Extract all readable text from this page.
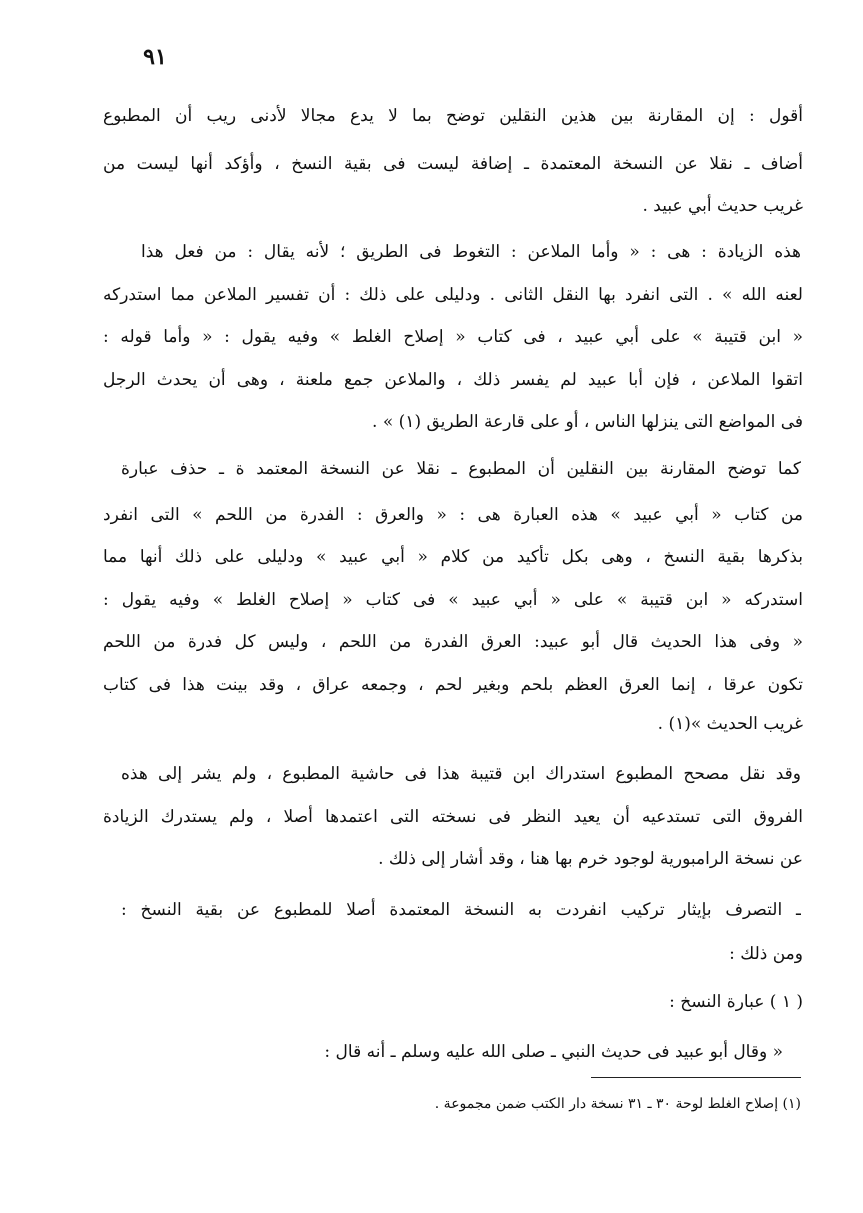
٩١
أقول : إن المقارنة بين هذين النقلين توضح بما لا يدع مجالا لأدنى ريب أن المطبوع
أضاف ـ نقلا عن النسخة المعتمدة ـ إضافة ليست فى بقية النسخ ، وأؤكد أنها ليست من
غريب حديث أبي عبيد .
هذه الزيادة : هى : « وأما الملاعن : التغوط فى الطريق ؛ لأنه يقال : من فعل هذا
لعنه الله » . التى انفرد بها النقل الثانى . ودليلى على ذلك : أن تفسير الملاعن مما استدركه
« ابن قتيبة » على أبي عبيد ، فى كتاب « إصلاح الغلط » وفيه يقول : « وأما قوله :
اتقوا الملاعن ، فإن أبا عبيد لم يفسر ذلك ، والملاعن جمع ملعنة ، وهى أن يحدث الرجل
فى المواضع التى ينزلها الناس ، أو على قارعة الطريق (١) » .
كما توضح المقارنة بين النقلين أن المطبوع ـ نقلا عن النسخة المعتمد ة ـ حذف عبارة
من كتاب « أبي عبيد » هذه العبارة هى : « والعرق : الفدرة من اللحم » التى انفرد
بذكرها بقية النسخ ، وهى بكل تأكيد من كلام « أبي عبيد » ودليلى على ذلك أنها مما
استدركه « ابن قتيبة » على « أبي عبيد » فى كتاب « إصلاح الغلط » وفيه يقول :
« وفى هذا الحديث قال أبو عبيد: العرق الفدرة من اللحم ، وليس كل فدرة من اللحم
تكون عرقا ، إنما العرق العظم بلحم وبغير لحم ، وجمعه عراق ، وقد بينت هذا فى كتاب
غريب الحديث »(١) .
وقد نقل مصحح المطبوع استدراك ابن قتيبة هذا فى حاشية المطبوع ، ولم يشر إلى هذه
الفروق التى تستدعيه أن يعيد النظر فى نسخته التى اعتمدها أصلا ، ولم يستدرك الزيادة
عن نسخة الرامبورية لوجود خرم بها هنا ، وقد أشار إلى ذلك .
ـ التصرف بإيثار تركيب انفردت به النسخة المعتمدة أصلا للمطبوع عن بقية النسخ :
ومن ذلك :
( ١ ) عبارة النسخ :
« وقال أبو عبيد فى حديث النبي ـ صلى الله عليه وسلم ـ أنه قال :
(١) إصلاح الغلط لوحة ٣٠ ـ ٣١ نسخة دار الكتب ضمن مجموعة .
